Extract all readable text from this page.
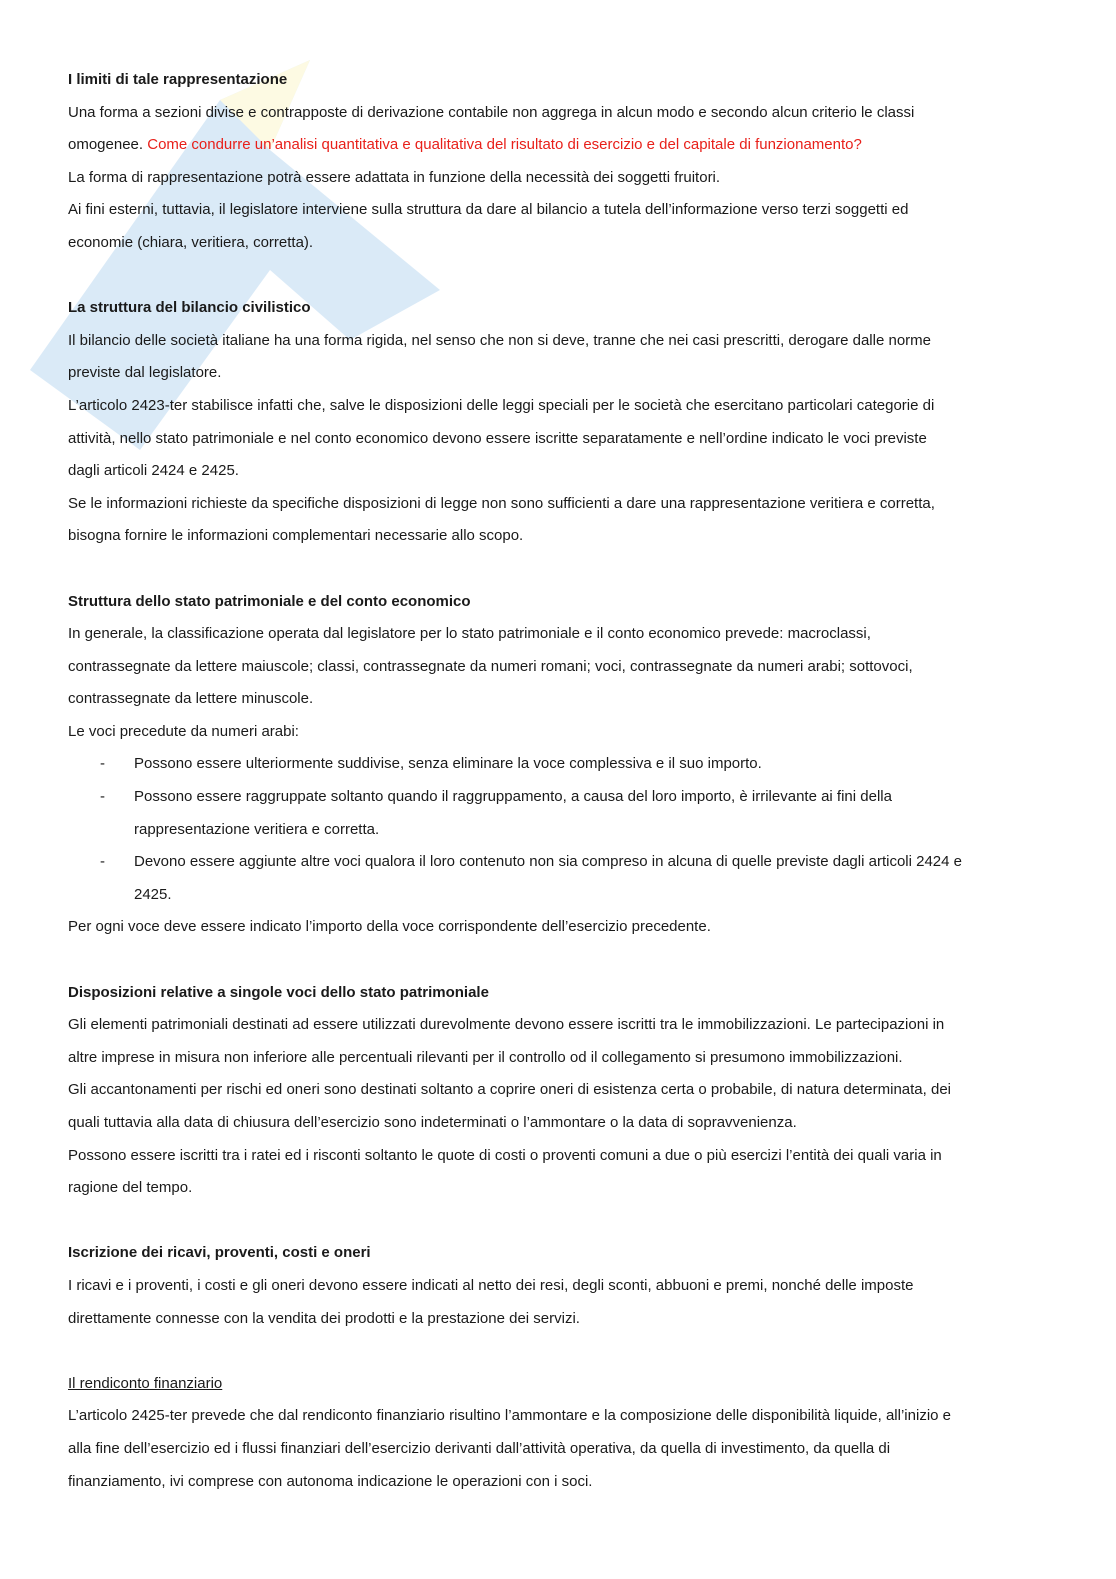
I limiti di tale rappresentazione

Una forma a sezioni divise e contrapposte di derivazione contabile non aggrega in alcun modo e secondo alcun criterio le classi

omogenee. Come condurre un’analisi quantitativa e qualitativa del risultato di esercizio e del capitale di funzionamento?

La forma di rappresentazione potrà essere adattata in funzione della necessità dei soggetti fruitori.

Ai fini esterni, tuttavia, il legislatore interviene sulla struttura da dare al bilancio a tutela dell’informazione verso terzi soggetti ed

economie (chiara, veritiera, corretta).

La struttura del bilancio civilistico

Il bilancio delle società italiane ha una forma rigida, nel senso che non si deve, tranne che nei casi prescritti, derogare dalle norme

previste dal legislatore.

L’articolo 2423-ter stabilisce infatti che, salve le disposizioni delle leggi speciali per le società che esercitano particolari categorie di

attività, nello stato patrimoniale e nel conto economico devono essere iscritte separatamente e nell’ordine indicato le voci previste

dagli articoli 2424 e 2425.

Se le informazioni richieste da specifiche disposizioni di legge non sono sufficienti a dare una rappresentazione veritiera e corretta,

bisogna fornire le informazioni complementari necessarie allo scopo.

Struttura dello stato patrimoniale e del conto economico

In generale, la classificazione operata dal legislatore per lo stato patrimoniale e il conto economico prevede: macroclassi,

contrassegnate da lettere maiuscole; classi, contrassegnate da numeri romani; voci, contrassegnate da numeri arabi; sottovoci,

contrassegnate da lettere minuscole.

Le voci precedute da numeri arabi:

- Possono essere ulteriormente suddivise, senza eliminare la voce complessiva e il suo importo.

- Possono essere raggruppate soltanto quando il raggruppamento, a causa del loro importo, è irrilevante ai fini della

rappresentazione veritiera e corretta.

- Devono essere aggiunte altre voci qualora il loro contenuto non sia compreso in alcuna di quelle previste dagli articoli 2424 e

2425.

Per ogni voce deve essere indicato l’importo della voce corrispondente dell’esercizio precedente.

Disposizioni relative a singole voci dello stato patrimoniale

Gli elementi patrimoniali destinati ad essere utilizzati durevolmente devono essere iscritti tra le immobilizzazioni. Le partecipazioni in

altre imprese in misura non inferiore alle percentuali rilevanti per il controllo od il collegamento si presumono immobilizzazioni.

Gli accantonamenti per rischi ed oneri sono destinati soltanto a coprire oneri di esistenza certa o probabile, di natura determinata, dei

quali tuttavia alla data di chiusura dell’esercizio sono indeterminati o l’ammontare o la data di sopravvenienza.

Possono essere iscritti tra i ratei ed i risconti soltanto le quote di costi o proventi comuni a due o più esercizi l’entità dei quali varia in

ragione del tempo.

Iscrizione dei ricavi, proventi, costi e oneri

I ricavi e i proventi, i costi e gli oneri devono essere indicati al netto dei resi, degli sconti, abbuoni e premi, nonché delle imposte

direttamente connesse con la vendita dei prodotti e la prestazione dei servizi.

Il rendiconto finanziario

L’articolo 2425-ter prevede che dal rendiconto finanziario risultino l’ammontare e la composizione delle disponibilità liquide, all’inizio e

alla fine dell’esercizio ed i flussi finanziari dell’esercizio derivanti dall’attività operativa, da quella di investimento, da quella di

finanziamento, ivi comprese con autonoma indicazione le operazioni con i soci.
